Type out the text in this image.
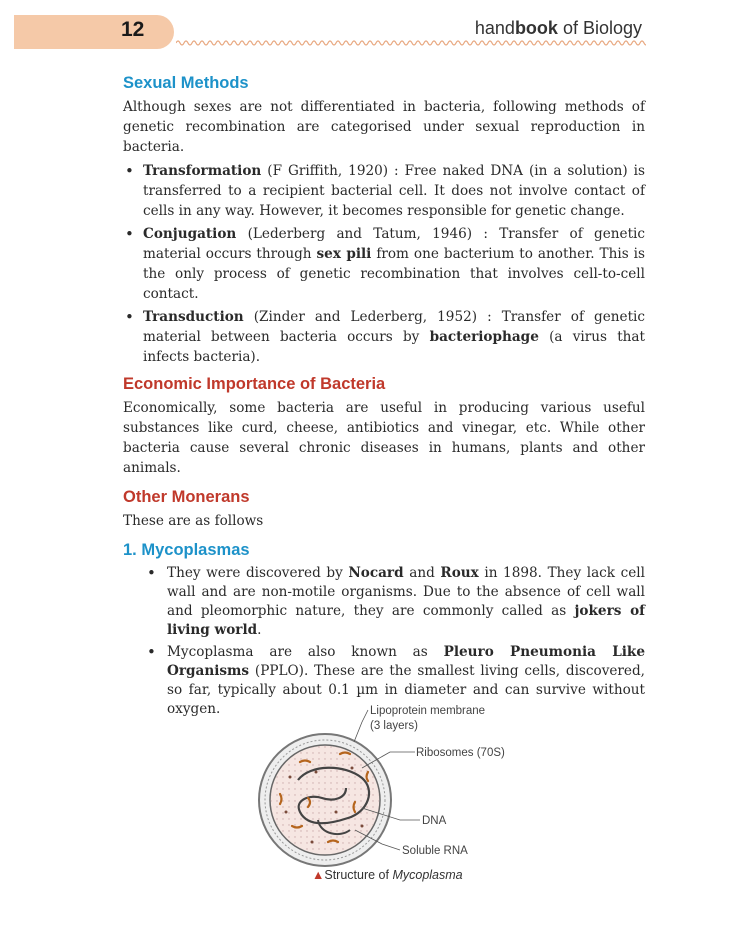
12	handbook of Biology
Sexual Methods

Although sexes are not differentiated in bacteria, following methods of genetic recombination are categorised under sexual reproduction in bacteria.

• Transformation (F Griffith, 1920) : Free naked DNA (in a solution) is transferred to a recipient bacterial cell. It does not involve contact of cells in any way. However, it becomes responsible for genetic change.
• Conjugation (Lederberg and Tatum, 1946) : Transfer of genetic material occurs through sex pili from one bacterium to another. This is the only process of genetic recombination that involves cell-to-cell contact.
• Transduction (Zinder and Lederberg, 1952) : Transfer of genetic material between bacteria occurs by bacteriophage (a virus that infects bacteria).
Economic Importance of Bacteria

Economically, some bacteria are useful in producing various useful substances like curd, cheese, antibiotics and vinegar, etc. While other bacteria cause several chronic diseases in humans, plants and other animals.

Other Monerans

These are as follows

1. Mycoplasmas
• They were discovered by Nocard and Roux in 1898. They lack cell wall and are non-motile organisms. Due to the absence of cell wall and pleomorphic nature, they are commonly called as jokers of living world.
• Mycoplasma are also known as Pleuro Pneumonia Like Organisms (PPLO). These are the smallest living cells, discovered, so far, typically about 0.1 µm in diameter and can survive without oxygen.	Lipoprotein membrane
(3 layers)
Ribosomes (70S)
DNA
Soluble RNA
▲Structure of Mycoplasma
